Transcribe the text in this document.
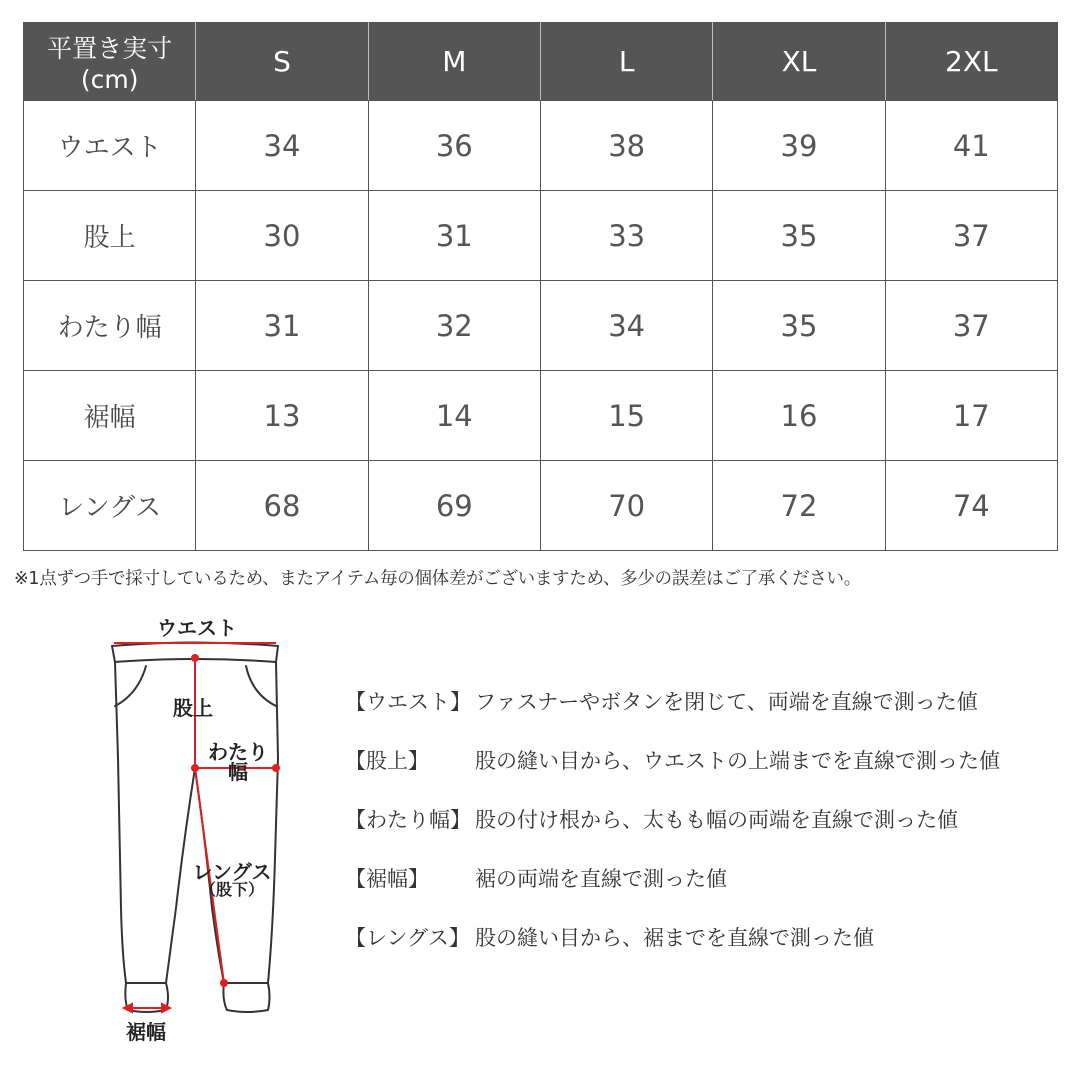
平置き実寸(cm)	S	M	L	XL	2XL
ウエスト	34	36	38	39	41
股上	30	31	33	35	37
わたり幅	31	32	34	35	37
裾幅	13	14	15	16	17
レングス	68	69	70	72	74
※1点ずつ手で採寸しているため、またアイテム毎の個体差がございますため、多少の誤差はご了承ください。
ウエスト
股上
わたり
幅
レングス
（股下）
裾幅
【ウエスト】 ファスナーやボタンを閉じて、両端を直線で測った値
【股上】 股の縫い目から、ウエストの上端までを直線で測った値
【わたり幅】 股の付け根から、太もも幅の両端を直線で測った値
【裾幅】 裾の両端を直線で測った値
【レングス】 股の縫い目から、裾までを直線で測った値
